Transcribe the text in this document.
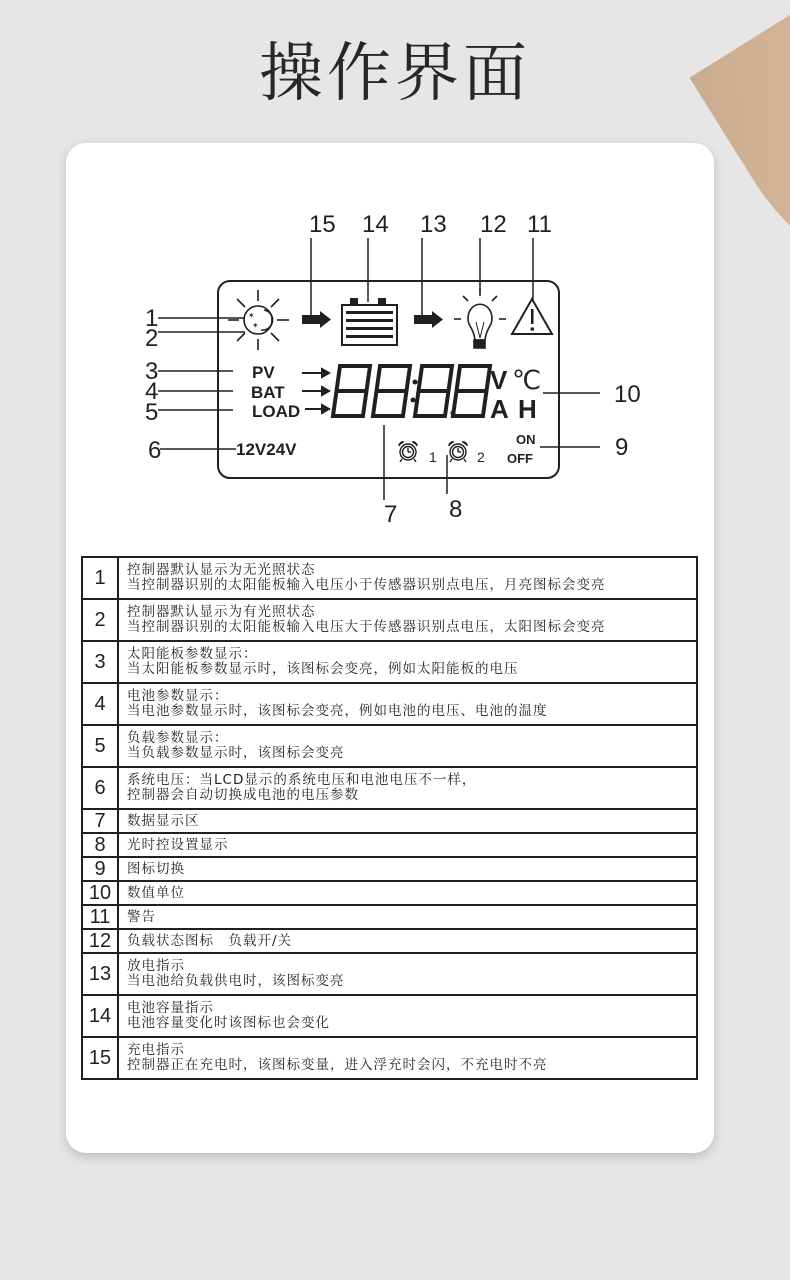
操作界面
✶
✶
PV
BAT
LOAD
V ℃
A H
12V24V	1	2
ON
OFF
1
2
3
4
5
6
7 8
9
10
11
12
13
14
15
1	控制器默认显示为无光照状态
当控制器识别的太阳能板输入电压小于传感器识别点电压，月亮图标会变亮

2	控制器默认显示为有光照状态
当控制器识别的太阳能板输入电压大于传感器识别点电压，太阳图标会变亮

3	太阳能板参数显示：
当太阳能板参数显示时，该图标会变亮，例如太阳能板的电压

4	电池参数显示：
当电池参数显示时，该图标会变亮，例如电池的电压、电池的温度

5	负载参数显示：
当负载参数显示时，该图标会变亮

6	系统电压：当LCD显示的系统电压和电池电压不一样，
控制器会自动切换成电池的电压参数

7	数据显示区

8	光时控设置显示

9	图标切换

10	数值单位

11	警告

12	负载状态图标　负载开/关

13	放电指示
当电池给负载供电时，该图标变亮

14	电池容量指示
电池容量变化时该图标也会变化

15	充电指示
控制器正在充电时，该图标变量，进入浮充时会闪，不充电时不亮
